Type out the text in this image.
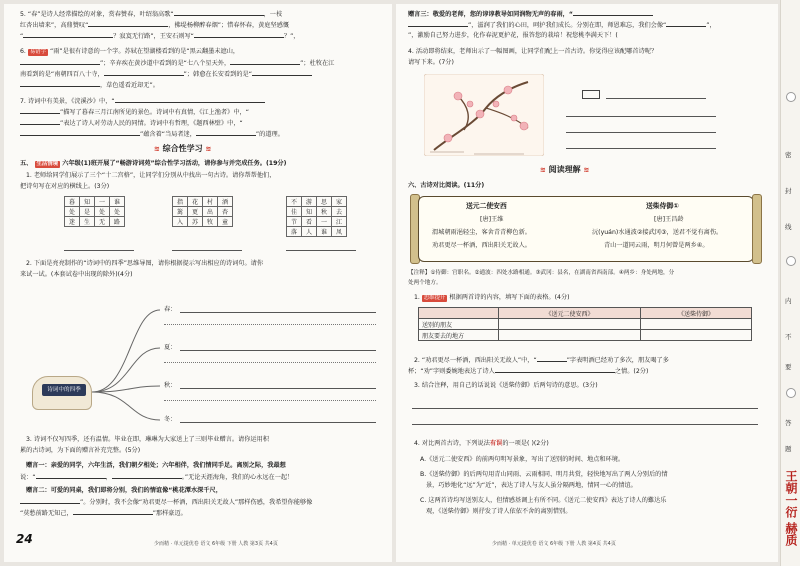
5. “春”是诗人经常描绘的对象，赏春赞春，叶绍翁高歌“	，一枝
红杏出墙来”，高鼎赞叹“	，拂堤杨柳醉春烟”；惜春怀春，黄庭坚感慨
“	？寂寞无行路”，王安石则写“	？”，
6. 易错字 “雨”是很有诗意的一个字。苏轼在望湖楼看到的是“黑云翻墨未遮山，
”；辛弃疾在黄沙道中看到的是“七八个星天外，	”；杜牧在江
南看到的是“南朝四百八十寺，	”；韩愈在长安看到的是“
，草色遥看近却无”。
7. 诗词中有美景，《浣溪沙》中，“
”描写了暮春三月江南所见的景色。诗词中有真情，《江上渔者》中，“
”表达了诗人对劳动人民的同情。诗词中有哲理，《题西林壁》中，“
”蕴含着“当局者迷，	”的道理。
≋ 综合性学习 ≋
五、 生活情境 六年级(1)班开展了“畅游诗词苑”综合性学习活动，请你参与并完成任务。(19分)
1. 老师给同学们展示了三个“十二宫格”，让同学们分别从中找出一句古诗。请你帮帮他们，
把诗句写在对应的横线上。(3分)
暮	知	一	谁
处	是	处	处
迷	生	无	路
指	花	村	酒
篱	更	出	杏
入	苏	牧	童
不	游	思	家
佳	知	秋	去
节	看	一	江
落	人	谁	凤
2. 下面是亮亮制作的“诗词中的四季”思维导图，请你根据提示写出相应的诗词句。请你
来试一试。(本套试卷中出现的除外)(4分)
诗词中的四季
春：
夏：
秋：
冬：
3. 诗词不仅写四季，还有温情。毕业在即，琳琳为大家送上了三则毕业赠言。请你运用积
累的古诗词，为下面的赠言补充完整。(5分)
赠言一：亲爱的同学，六年生活，我们朝夕相处；六年相伴，我们情同手足。离别之际，我最想
说：“	，	。”无论天涯海角，我们的心永远在一起！
赠言二：可爱的同桌，我们即将分别，我们的情谊像“桃花潭水深千尺，
”。分别时，我不会像“劝君更尽一杯酒，西出阳关无故人”那样伤感，我希望你能够像
“莫愁前路无知己，	”那样豪迈。
24	少而精 · 单元提优卷 语文 6年级 下册 人教 第3页 共4页
赠言三：敬爱的老师，您的谆谆教导如同润物无声的春雨，“
”，滋润了我们的心田，呵护我们成长。分别在即，师恩难忘，我们会像“	”，
”，激励自己努力进步，化作春泥更护花，报答您的栽培！祝您桃李满天下！(
4. 活动即将结束，老师出示了一幅图画，让同学们配上一首古诗。你觉得应该配哪首诗呢？
请写下来。(7分)
≋ 阅读理解 ≋
六、古诗对比阅读。(11分)
送元二使安西
[唐]王维
渭城朝雨浥轻尘，客舍青青柳色新。
劝君更尽一杯酒，西出阳关无故人。
送柴侍御①
[唐]王昌龄
沅(yuán)水通波②接武冈③，送君不觉有离伤。
青山一道同云雨，明月何曾是两乡④。
【注释】①侍御：官职名。②通波：四处水路相通。③武冈：县名，在湖南省西南部。④两乡：身处两地，分
处两个地方。
1. 思维提升 根据两首诗的内容，填写下面的表格。(4分)
	《送元二使安西》	《送柴侍御》
送别的朋友		
朋友要去的地方		
2. “劝君更尽一杯酒，西出阳关无故人”中，“	”字表明酒已经劝了多次，朋友喝了多
杯；“劝”字则委婉地表达了诗人	之情。(2分)
3. 结合注释，用自己的话说说《送柴侍御》后两句诗的意思。(3分)
4. 对比两首古诗，下列说法有误的一项是( )(2分)
A.《送元二使安西》的前两句明写景象，写出了送别的时间、地点和环境。
B.《送柴侍御》的后两句用青山同雨、云雨相同、明月共赏，轻快地写出了两人分别后的情
景，巧妙地化“远”为“近”，表达了诗人与友人虽分隔两地，情同一心的情谊。
C. 这两首诗均写送别友人，但情感基调上有所不同。《送元二使安西》表达了诗人的難达乐
观，《送柴侍御》则抒发了诗人依依不舍的离别惜别。
少而精 · 单元提优卷 语文 6年级 下册 人教 第4页 共4页
密
封
线
内
不
要
答
题
王朝一衍 赫质
